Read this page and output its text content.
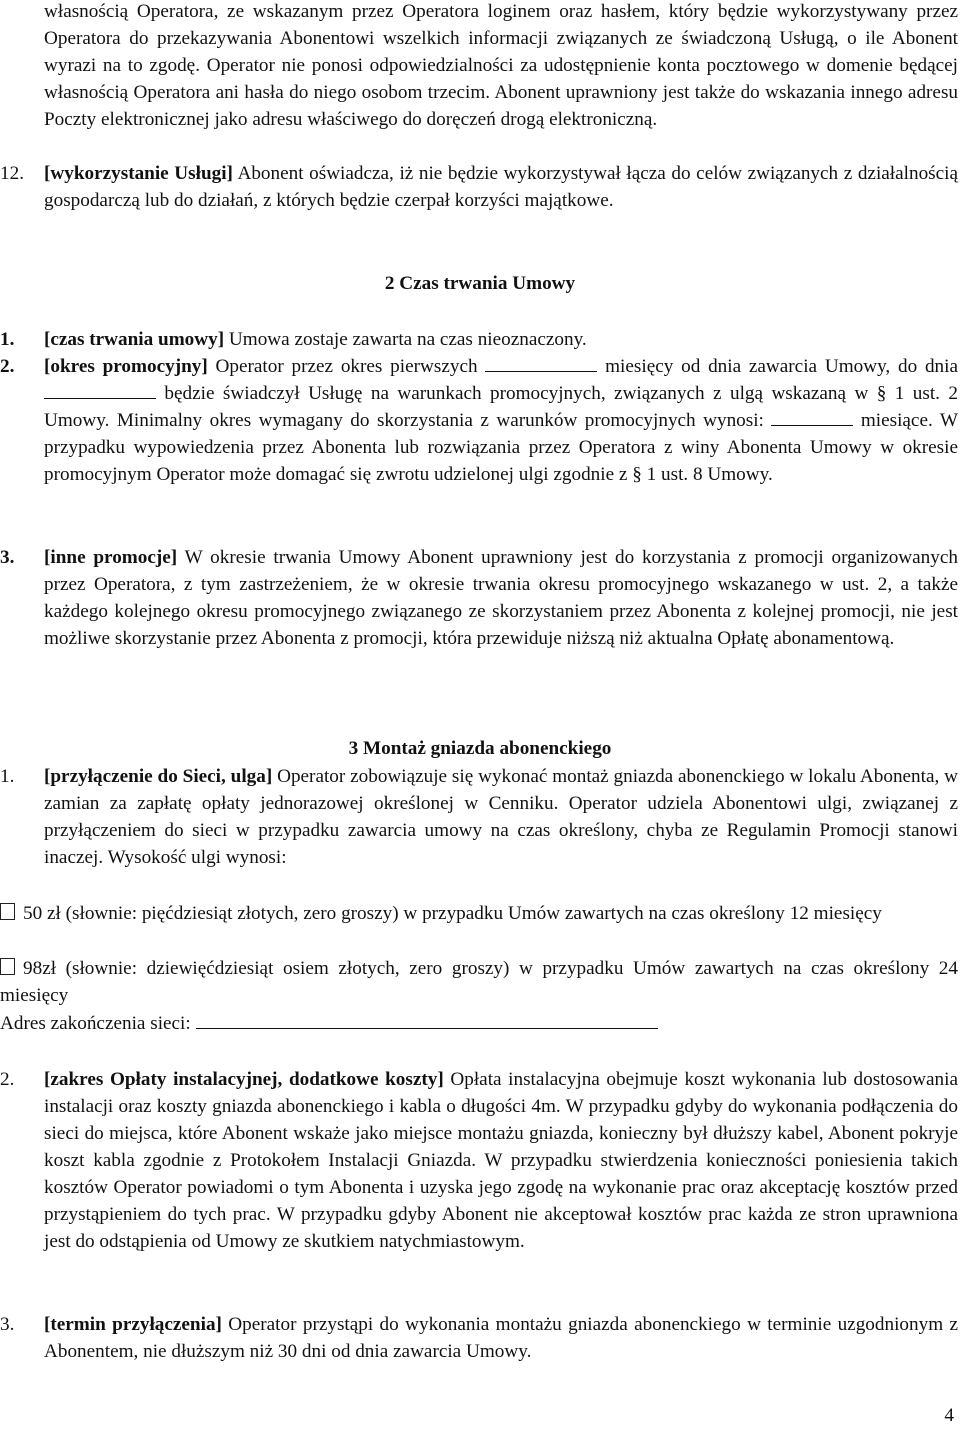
własnością Operatora, ze wskazanym przez Operatora loginem oraz hasłem, który będzie wykorzystywany przez Operatora do przekazywania Abonentowi wszelkich informacji związanych ze świadczoną Usługą, o ile Abonent wyrazi na to zgodę. Operator nie ponosi odpowiedzialności za udostępnienie konta pocztowego w domenie będącej własnością Operatora ani hasła do niego osobom trzecim. Abonent uprawniony jest także do wskazania innego adresu Poczty elektronicznej jako adresu właściwego do doręczeń drogą elektroniczną.

12. [wykorzystanie Usługi] Abonent oświadcza, iż nie będzie wykorzystywał łącza do celów związanych z działalnością gospodarczą lub do działań, z których będzie czerpał korzyści majątkowe.

2 Czas trwania Umowy
1. [czas trwania umowy] Umowa zostaje zawarta na czas nieoznaczony.

2. [okres promocyjny] Operator przez okres pierwszych	miesięcy od dnia zawarcia Umowy, do dnia  będzie świadczył Usługę na warunkach promocyjnych, związanych z ulgą wskazaną w § 1 ust. 2 Umowy. Minimalny okres wymagany do skorzystania z warunków promocyjnych wynosi:	miesiące. W przypadku wypowiedzenia przez Abonenta lub rozwiązania przez Operatora z winy Abonenta Umowy w okresie promocyjnym Operator może domagać się zwrotu udzielonej ulgi zgodnie z § 1 ust. 8 Umowy.

3. [inne promocje] W okresie trwania Umowy Abonent uprawniony jest do korzystania z promocji organizowanych przez Operatora, z tym zastrzeżeniem, że w okresie trwania okresu promocyjnego wskazanego w ust. 2, a także każdego kolejnego okresu promocyjnego związanego ze skorzystaniem przez Abonenta z kolejnej promocji, nie jest możliwe skorzystanie przez Abonenta z promocji, która przewiduje niższą niż aktualna Opłatę abonamentową.

3 Montaż gniazda abonenckiego
1. [przyłączenie do Sieci, ulga] Operator zobowiązuje się wykonać montaż gniazda abonenckiego w lokalu Abonenta, w zamian za zapłatę opłaty jednorazowej określonej w Cenniku. Operator udziela Abonentowi ulgi, związanej z przyłączeniem do sieci w przypadku zawarcia umowy na czas określony, chyba ze Regulamin Promocji stanowi inaczej. Wysokość ulgi wynosi:

50 zł (słownie: pięćdziesiąt złotych, zero groszy) w przypadku Umów zawartych na czas określony 12 miesięcy

98zł (słownie: dziewięćdziesiąt osiem złotych, zero groszy) w przypadku Umów zawartych na czas określony 24 miesięcy

Adres zakończenia sieci:

2. [zakres Opłaty instalacyjnej, dodatkowe koszty] Opłata instalacyjna obejmuje koszt wykonania lub dostosowania instalacji oraz koszty gniazda abonenckiego i kabla o długości 4m. W przypadku gdyby do wykonania podłączenia do sieci do miejsca, które Abonent wskaże jako miejsce montażu gniazda, konieczny był dłuższy kabel, Abonent pokryje koszt kabla zgodnie z Protokołem Instalacji Gniazda. W przypadku stwierdzenia konieczności poniesienia takich kosztów Operator powiadomi o tym Abonenta i uzyska jego zgodę na wykonanie prac oraz akceptację kosztów przed przystąpieniem do tych prac. W przypadku gdyby Abonent nie akceptował kosztów prac każda ze stron uprawniona jest do odstąpienia od Umowy ze skutkiem natychmiastowym.

3. [termin przyłączenia] Operator przystąpi do wykonania montażu gniazda abonenckiego w terminie uzgodnionym z Abonentem, nie dłuższym niż 30 dni od dnia zawarcia Umowy.

4
